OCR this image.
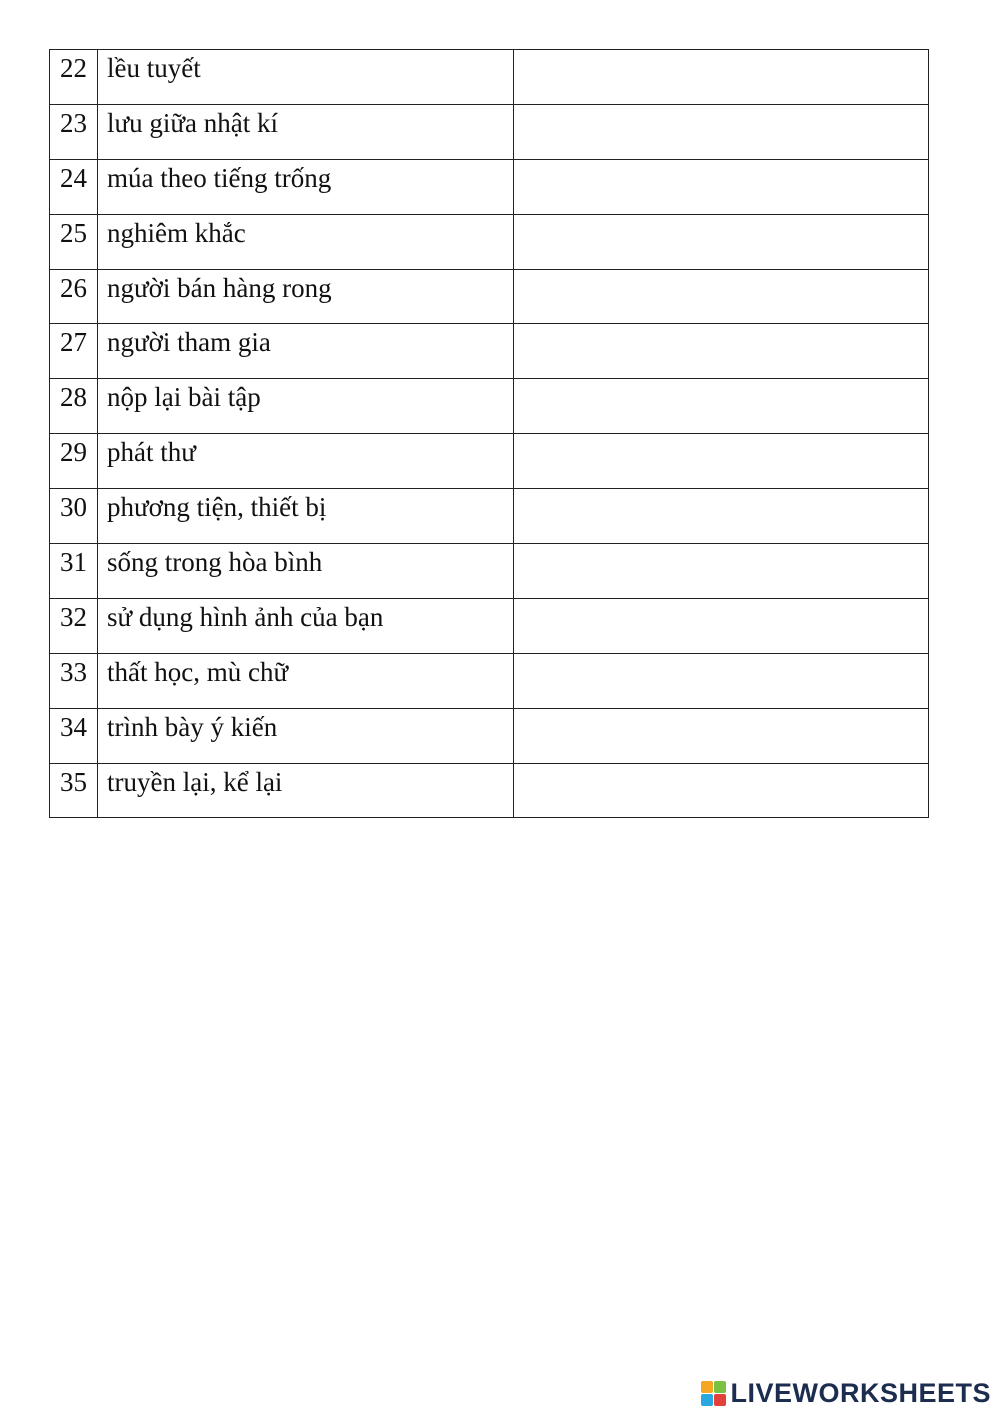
22	lều tuyết	
23	lưu giữa nhật kí	
24	múa theo tiếng trống	
25	nghiêm khắc	
26	người bán hàng rong	
27	người tham gia	
28	nộp lại bài tập	
29	phát thư	
30	phương tiện, thiết bị	
31	sống trong hòa bình	
32	sử dụng hình ảnh của bạn	
33	thất học, mù chữ	
34	trình bày ý kiến	
35	truyền lại, kể lại	
LIVEWORKSHEETS
